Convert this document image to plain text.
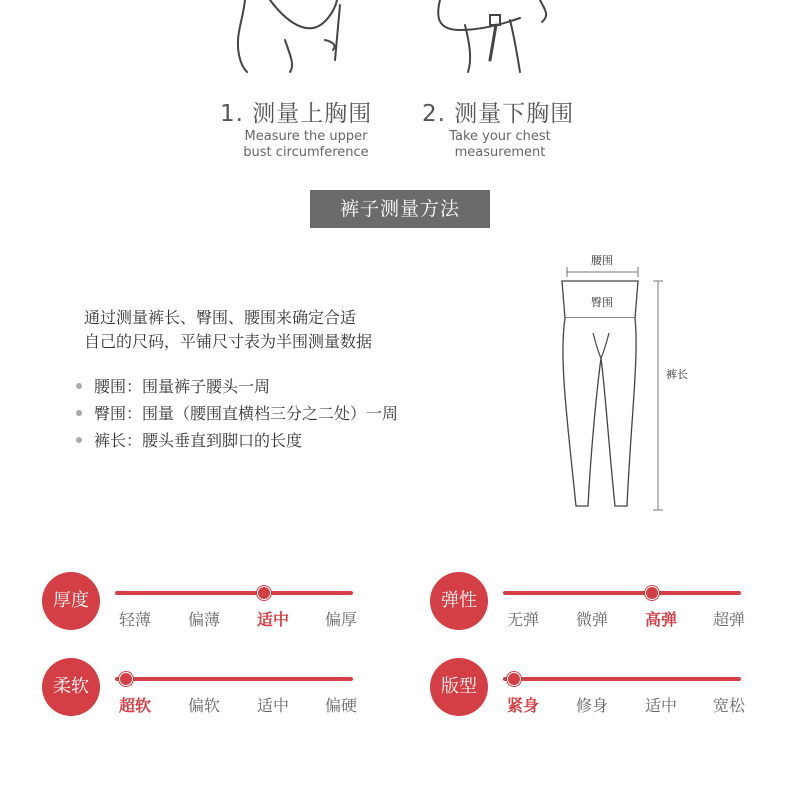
1. 测量上胸围
Measure the upper
bust circumference
2. 测量下胸围
Take your chest
measurement
裤子测量方法
通过测量裤长、臀围、腰围来确定合适
自己的尺码，平铺尺寸表为半围测量数据
腰围：围量裤子腰头一周
臀围：围量（腰围直横档三分之二处）一周
裤长：腰头垂直到脚口的长度
腰围
臀围
裤长
厚度
轻薄 偏薄 适中 偏厚
弹性
无弹 微弹 高弹 超弹
柔软
超软 偏软 适中 偏硬
版型
紧身 修身 适中 宽松
